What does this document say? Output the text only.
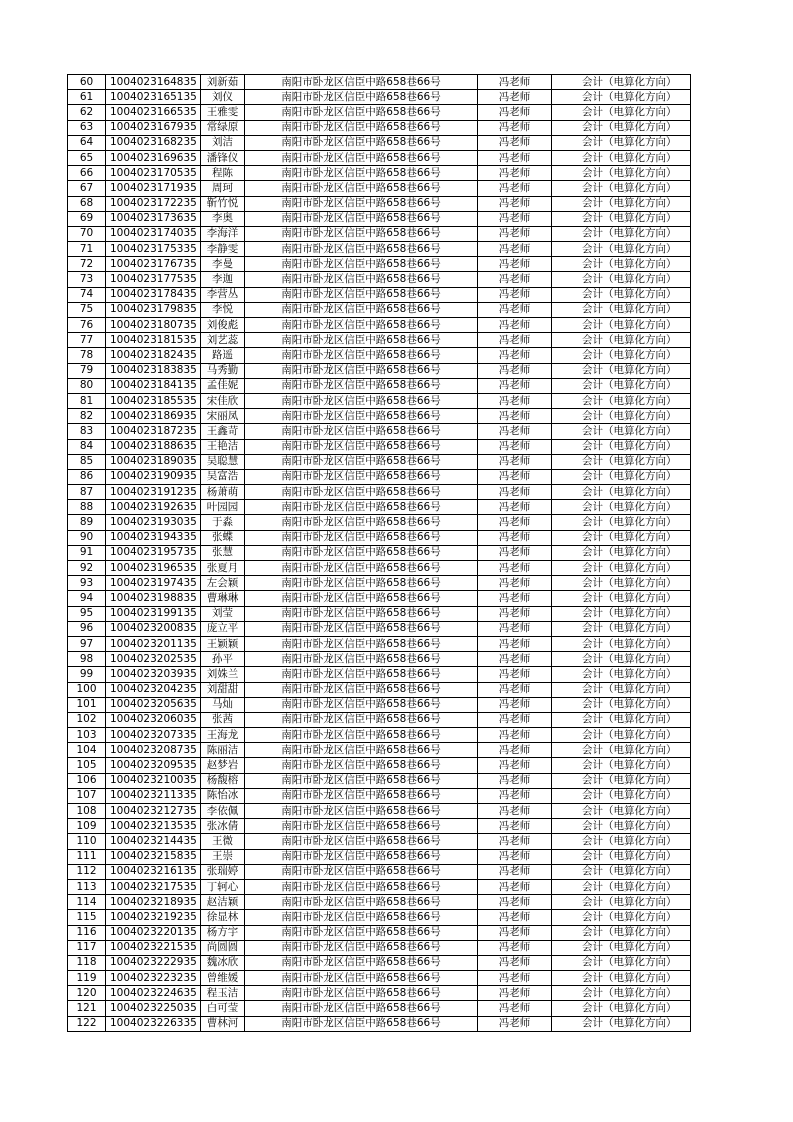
60	1004023164835	刘新茹	南阳市卧龙区信臣中路658巷66号	冯老师	会计（电算化方向）
61	1004023165135	刘仪	南阳市卧龙区信臣中路658巷66号	冯老师	会计（电算化方向）
62	1004023166535	王雅雯	南阳市卧龙区信臣中路658巷66号	冯老师	会计（电算化方向）
63	1004023167935	常绿原	南阳市卧龙区信臣中路658巷66号	冯老师	会计（电算化方向）
64	1004023168235	刘洁	南阳市卧龙区信臣中路658巷66号	冯老师	会计（电算化方向）
65	1004023169635	潘锋仪	南阳市卧龙区信臣中路658巷66号	冯老师	会计（电算化方向）
66	1004023170535	程陈	南阳市卧龙区信臣中路658巷66号	冯老师	会计（电算化方向）
67	1004023171935	周珂	南阳市卧龙区信臣中路658巷66号	冯老师	会计（电算化方向）
68	1004023172235	靳竹悦	南阳市卧龙区信臣中路658巷66号	冯老师	会计（电算化方向）
69	1004023173635	李奥	南阳市卧龙区信臣中路658巷66号	冯老师	会计（电算化方向）
70	1004023174035	李海洋	南阳市卧龙区信臣中路658巷66号	冯老师	会计（电算化方向）
71	1004023175335	李静雯	南阳市卧龙区信臣中路658巷66号	冯老师	会计（电算化方向）
72	1004023176735	李曼	南阳市卧龙区信臣中路658巷66号	冯老师	会计（电算化方向）
73	1004023177535	李迦	南阳市卧龙区信臣中路658巷66号	冯老师	会计（电算化方向）
74	1004023178435	李营丛	南阳市卧龙区信臣中路658巷66号	冯老师	会计（电算化方向）
75	1004023179835	李悦	南阳市卧龙区信臣中路658巷66号	冯老师	会计（电算化方向）
76	1004023180735	刘俊彪	南阳市卧龙区信臣中路658巷66号	冯老师	会计（电算化方向）
77	1004023181535	刘艺蕊	南阳市卧龙区信臣中路658巷66号	冯老师	会计（电算化方向）
78	1004023182435	路遥	南阳市卧龙区信臣中路658巷66号	冯老师	会计（电算化方向）
79	1004023183835	马秀勤	南阳市卧龙区信臣中路658巷66号	冯老师	会计（电算化方向）
80	1004023184135	孟佳妮	南阳市卧龙区信臣中路658巷66号	冯老师	会计（电算化方向）
81	1004023185535	宋佳欣	南阳市卧龙区信臣中路658巷66号	冯老师	会计（电算化方向）
82	1004023186935	宋丽凤	南阳市卧龙区信臣中路658巷66号	冯老师	会计（电算化方向）
83	1004023187235	王鑫苛	南阳市卧龙区信臣中路658巷66号	冯老师	会计（电算化方向）
84	1004023188635	王艳洁	南阳市卧龙区信臣中路658巷66号	冯老师	会计（电算化方向）
85	1004023189035	吴聪慧	南阳市卧龙区信臣中路658巷66号	冯老师	会计（电算化方向）
86	1004023190935	吴富浩	南阳市卧龙区信臣中路658巷66号	冯老师	会计（电算化方向）
87	1004023191235	杨萧萌	南阳市卧龙区信臣中路658巷66号	冯老师	会计（电算化方向）
88	1004023192635	叶园园	南阳市卧龙区信臣中路658巷66号	冯老师	会计（电算化方向）
89	1004023193035	于淼	南阳市卧龙区信臣中路658巷66号	冯老师	会计（电算化方向）
90	1004023194335	张蝶	南阳市卧龙区信臣中路658巷66号	冯老师	会计（电算化方向）
91	1004023195735	张慧	南阳市卧龙区信臣中路658巷66号	冯老师	会计（电算化方向）
92	1004023196535	张夏月	南阳市卧龙区信臣中路658巷66号	冯老师	会计（电算化方向）
93	1004023197435	左会颖	南阳市卧龙区信臣中路658巷66号	冯老师	会计（电算化方向）
94	1004023198835	曹琳琳	南阳市卧龙区信臣中路658巷66号	冯老师	会计（电算化方向）
95	1004023199135	刘莹	南阳市卧龙区信臣中路658巷66号	冯老师	会计（电算化方向）
96	1004023200835	庞立平	南阳市卧龙区信臣中路658巷66号	冯老师	会计（电算化方向）
97	1004023201135	王颖颖	南阳市卧龙区信臣中路658巷66号	冯老师	会计（电算化方向）
98	1004023202535	孙平	南阳市卧龙区信臣中路658巷66号	冯老师	会计（电算化方向）
99	1004023203935	刘姝兰	南阳市卧龙区信臣中路658巷66号	冯老师	会计（电算化方向）
100	1004023204235	刘甜甜	南阳市卧龙区信臣中路658巷66号	冯老师	会计（电算化方向）
101	1004023205635	马灿	南阳市卧龙区信臣中路658巷66号	冯老师	会计（电算化方向）
102	1004023206035	张茜	南阳市卧龙区信臣中路658巷66号	冯老师	会计（电算化方向）
103	1004023207335	王海龙	南阳市卧龙区信臣中路658巷66号	冯老师	会计（电算化方向）
104	1004023208735	陈丽洁	南阳市卧龙区信臣中路658巷66号	冯老师	会计（电算化方向）
105	1004023209535	赵梦岩	南阳市卧龙区信臣中路658巷66号	冯老师	会计（电算化方向）
106	1004023210035	杨馥榕	南阳市卧龙区信臣中路658巷66号	冯老师	会计（电算化方向）
107	1004023211335	陈怡冰	南阳市卧龙区信臣中路658巷66号	冯老师	会计（电算化方向）
108	1004023212735	李依佩	南阳市卧龙区信臣中路658巷66号	冯老师	会计（电算化方向）
109	1004023213535	张冰倩	南阳市卧龙区信臣中路658巷66号	冯老师	会计（电算化方向）
110	1004023214435	王微	南阳市卧龙区信臣中路658巷66号	冯老师	会计（电算化方向）
111	1004023215835	王崇	南阳市卧龙区信臣中路658巷66号	冯老师	会计（电算化方向）
112	1004023216135	张瑞婷	南阳市卧龙区信臣中路658巷66号	冯老师	会计（电算化方向）
113	1004023217535	丁轲心	南阳市卧龙区信臣中路658巷66号	冯老师	会计（电算化方向）
114	1004023218935	赵洁颖	南阳市卧龙区信臣中路658巷66号	冯老师	会计（电算化方向）
115	1004023219235	徐显林	南阳市卧龙区信臣中路658巷66号	冯老师	会计（电算化方向）
116	1004023220135	杨方宇	南阳市卧龙区信臣中路658巷66号	冯老师	会计（电算化方向）
117	1004023221535	尚圆圆	南阳市卧龙区信臣中路658巷66号	冯老师	会计（电算化方向）
118	1004023222935	魏冰欣	南阳市卧龙区信臣中路658巷66号	冯老师	会计（电算化方向）
119	1004023223235	曾维媛	南阳市卧龙区信臣中路658巷66号	冯老师	会计（电算化方向）
120	1004023224635	程玉洁	南阳市卧龙区信臣中路658巷66号	冯老师	会计（电算化方向）
121	1004023225035	白可莹	南阳市卧龙区信臣中路658巷66号	冯老师	会计（电算化方向）
122	1004023226335	曹林河	南阳市卧龙区信臣中路658巷66号	冯老师	会计（电算化方向）
